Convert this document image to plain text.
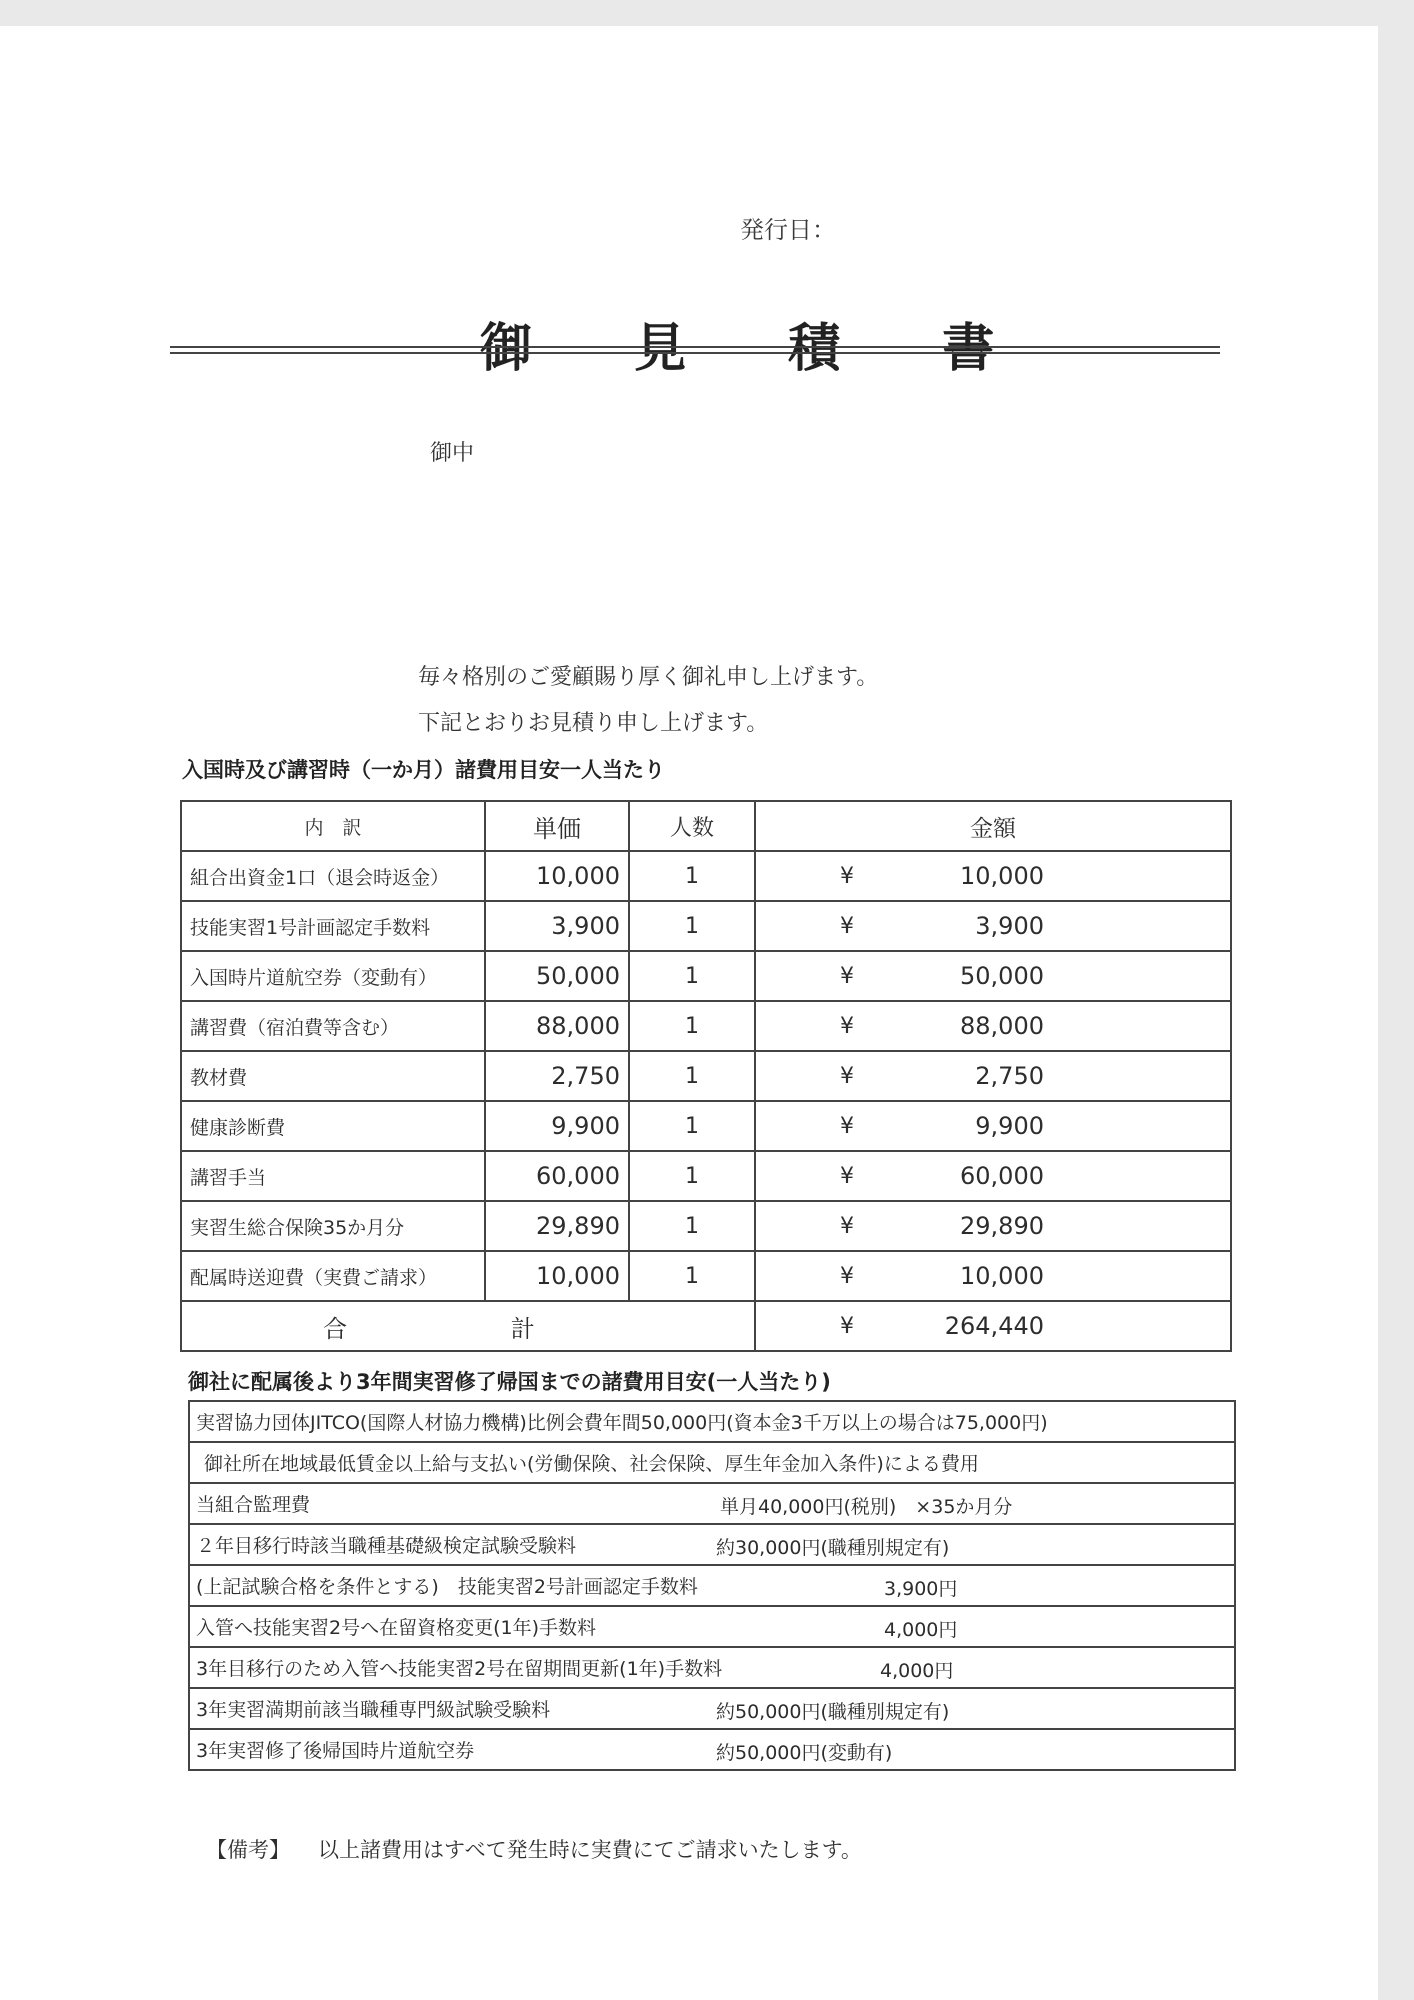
発行日：
御 見 積 書
御中
毎々格別のご愛顧賜り厚く御礼申し上げます。
下記とおりお見積り申し上げます。
入国時及び講習時（一か月）諸費用目安一人当たり
内　訳	単価	人数	金額
組合出資金1口（退会時返金）	10,000	1	¥ 10,000

技能実習1号計画認定手数料	3,900	1	¥ 3,900

入国時片道航空券（変動有）	50,000	1	¥ 50,000

講習費（宿泊費等含む）	88,000	1	¥ 88,000

教材費	2,750	1	¥ 2,750

健康診断費	9,900	1	¥ 9,900

講習手当	60,000	1	¥ 60,000

実習生総合保険35か月分	29,890	1	¥ 29,890

配属時送迎費（実費ご請求）	10,000	1	¥ 10,000

合 計			¥ 264,440
御社に配属後より3年間実習修了帰国までの諸費用目安(一人当たり)
実習協力団体JITCO(国際人材協力機構)比例会費年間50,000円(資本金3千万以上の場合は75,000円)
御社所在地域最低賃金以上給与支払い(労働保険、社会保険、厚生年金加入条件)による費用
当組合監理費	単月40,000円(税別)　×35か月分

２年目移行時該当職種基礎級検定試験受験料	約30,000円(職種別規定有)

(上記試験合格を条件とする)　技能実習2号計画認定手数料	3,900円

入管へ技能実習2号へ在留資格変更(1年)手数料	4,000円

3年目移行のため入管へ技能実習2号在留期間更新(1年)手数料	4,000円

3年実習満期前該当職種専門級試験受験料	約50,000円(職種別規定有)

3年実習修了後帰国時片道航空券	約50,000円(変動有)
【備考】 以上諸費用はすべて発生時に実費にてご請求いたします。
